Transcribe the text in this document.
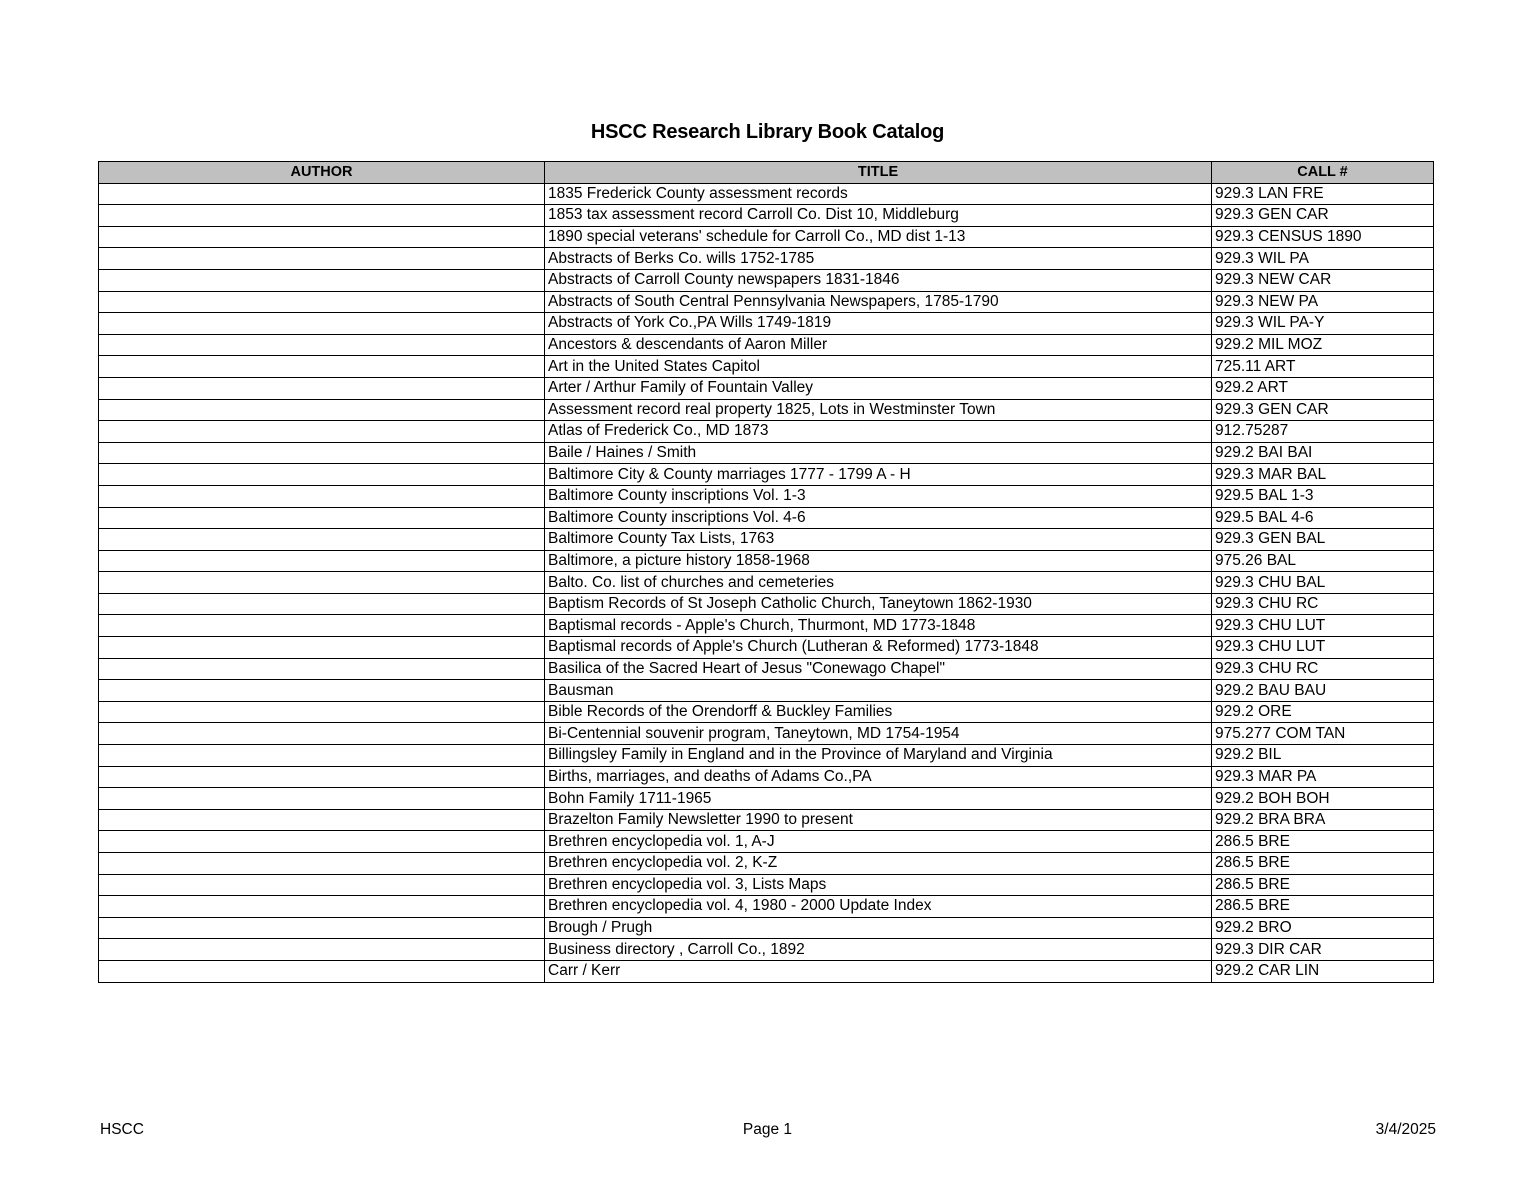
HSCC Research Library Book Catalog
AUTHOR	TITLE	CALL #
	1835 Frederick County assessment records	929.3 LAN FRE
	1853 tax assessment record Carroll Co. Dist 10, Middleburg	929.3 GEN CAR
	1890 special veterans' schedule for Carroll Co., MD dist 1-13	929.3 CENSUS 1890
	Abstracts of Berks Co. wills 1752-1785	929.3 WIL PA
	Abstracts of Carroll County newspapers 1831-1846	929.3 NEW CAR
	Abstracts of South Central Pennsylvania Newspapers, 1785-1790	929.3 NEW PA
	Abstracts of York Co.,PA Wills 1749-1819	929.3 WIL PA-Y
	Ancestors & descendants of Aaron Miller	929.2 MIL MOZ
	Art in the United States Capitol	725.11 ART
	Arter / Arthur Family of Fountain Valley	929.2 ART
	Assessment record real property 1825, Lots in Westminster Town	929.3 GEN CAR
	Atlas of Frederick Co., MD 1873	912.75287
	Baile / Haines / Smith	929.2 BAI BAI
	Baltimore City & County marriages 1777 - 1799 A - H	929.3 MAR BAL
	Baltimore County inscriptions Vol. 1-3	929.5 BAL 1-3
	Baltimore County inscriptions Vol. 4-6	929.5 BAL 4-6
	Baltimore County Tax Lists, 1763	929.3 GEN BAL
	Baltimore, a picture history 1858-1968	975.26 BAL
	Balto. Co. list of churches and cemeteries	929.3 CHU BAL
	Baptism Records of St Joseph Catholic Church, Taneytown 1862-1930	929.3 CHU RC
	Baptismal records - Apple's Church, Thurmont, MD 1773-1848	929.3 CHU LUT
	Baptismal records of Apple's Church (Lutheran & Reformed) 1773-1848	929.3 CHU LUT
	Basilica of the Sacred Heart of Jesus "Conewago Chapel"	929.3 CHU RC
	Bausman	929.2 BAU BAU
	Bible Records of the Orendorff & Buckley Families	929.2 ORE
	Bi-Centennial souvenir program, Taneytown, MD 1754-1954	975.277 COM TAN
	Billingsley Family in England and in the Province of Maryland and Virginia	929.2 BIL
	Births, marriages, and deaths of Adams Co.,PA	929.3 MAR PA
	Bohn Family 1711-1965	929.2 BOH BOH
	Brazelton Family Newsletter 1990 to present	929.2 BRA BRA
	Brethren encyclopedia vol. 1, A-J	286.5 BRE
	Brethren encyclopedia vol. 2, K-Z	286.5 BRE
	Brethren encyclopedia vol. 3, Lists Maps	286.5 BRE
	Brethren encyclopedia vol. 4, 1980 - 2000 Update Index	286.5 BRE
	Brough / Prugh	929.2 BRO
	Business directory , Carroll Co., 1892	929.3 DIR CAR
	Carr / Kerr	929.2 CAR LIN
HSCC	Page 1	3/4/2025
